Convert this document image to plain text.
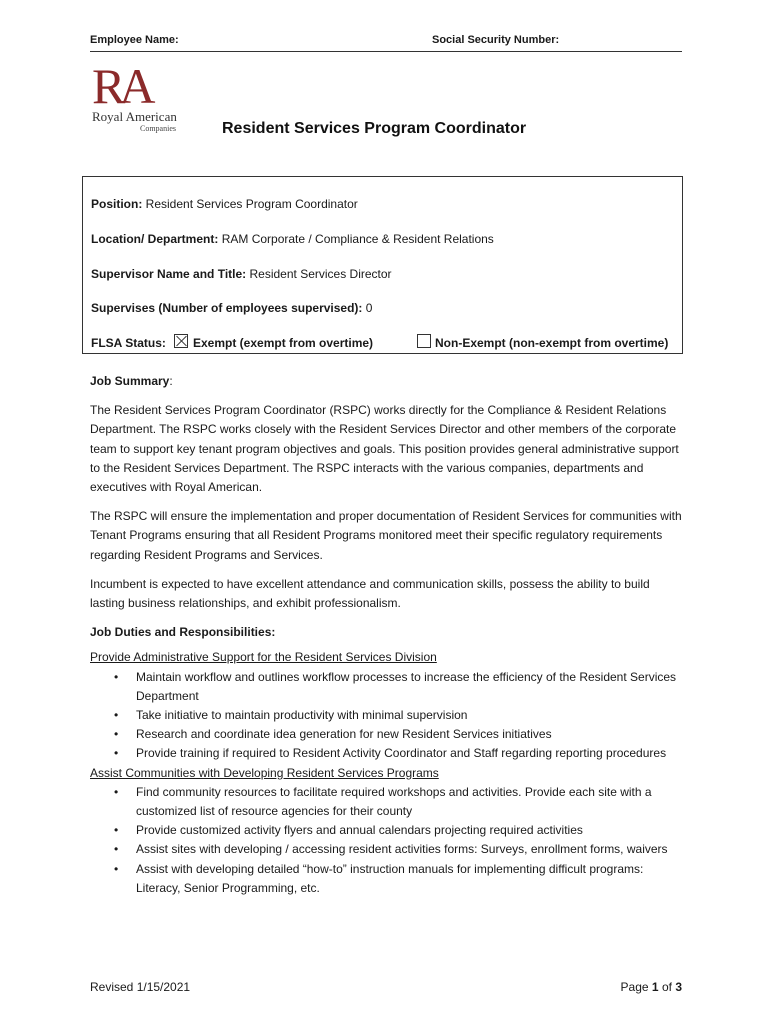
Employee Name:	Social Security Number:
RA
Royal American
Companies	Resident Services Program Coordinator
Position: Resident Services Program Coordinator
Location/ Department: RAM Corporate / Compliance & Resident Relations
Supervisor Name and Title: Resident Services Director
Supervises (Number of employees supervised): 0
FLSA Status: Exempt (exempt from overtime)	Non-Exempt (non-exempt from overtime)

Job Summary:

The Resident Services Program Coordinator (RSPC) works directly for the Compliance & Resident Relations Department. The RSPC works closely with the Resident Services Director and other members of the corporate team to support key tenant program objectives and goals. This position provides general administrative support to the Resident Services Department. The RSPC interacts with the various companies, departments and executives with Royal American.

The RSPC will ensure the implementation and proper documentation of Resident Services for communities with Tenant Programs ensuring that all Resident Programs monitored meet their specific regulatory requirements regarding Resident Programs and Services.

Incumbent is expected to have excellent attendance and communication skills, possess the ability to build lasting business relationships, and exhibit professionalism.

Job Duties and Responsibilities:

Provide Administrative Support for the Resident Services Division
• Maintain workflow and outlines workflow processes to increase the efficiency of the Resident Services Department
• Take initiative to maintain productivity with minimal supervision
• Research and coordinate idea generation for new Resident Services initiatives
• Provide training if required to Resident Activity Coordinator and Staff regarding reporting procedures
Assist Communities with Developing Resident Services Programs
• Find community resources to facilitate required workshops and activities. Provide each site with a customized list of resource agencies for their county
• Provide customized activity flyers and annual calendars projecting required activities
• Assist sites with developing / accessing resident activities forms: Surveys, enrollment forms, waivers
• Assist with developing detailed “how-to” instruction manuals for implementing difficult programs: Literacy, Senior Programming, etc.
Revised 1/15/2021	Page 1 of 3
